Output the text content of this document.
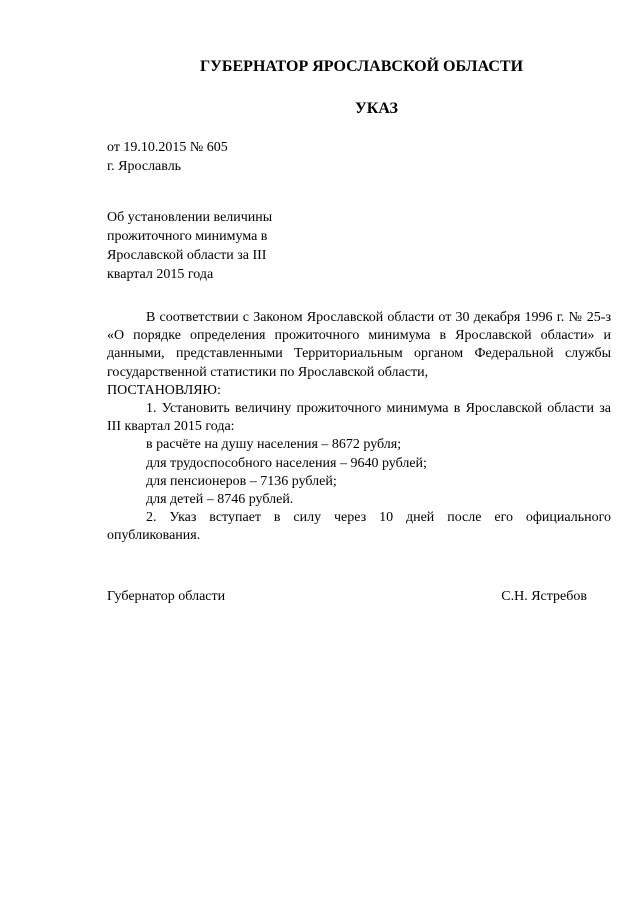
ГУБЕРНАТОР ЯРОСЛАВСКОЙ ОБЛАСТИ
УКАЗ
от 19.10.2015 № 605
г. Ярославль

Об установлении величины прожиточного минимума в Ярославской области за III квартал 2015 года

В соответствии с Законом Ярославской области от 30 декабря 1996 г. № 25-з «О порядке определения прожиточного минимума в Ярославской области» и данными, представленными Территориальным органом Федеральной службы государственной статистики по Ярославской области,

ПОСТАНОВЛЯЮ:

1. Установить величину прожиточного минимума в Ярославской области за III квартал 2015 года:

в расчёте на душу населения – 8672 рубля;

для трудоспособного населения – 9640 рублей;

для пенсионеров – 7136 рублей;

для детей – 8746 рублей.

2. Указ вступает в силу через 10 дней после его официального опубликования.

Губернатор области	С.Н. Ястребов
